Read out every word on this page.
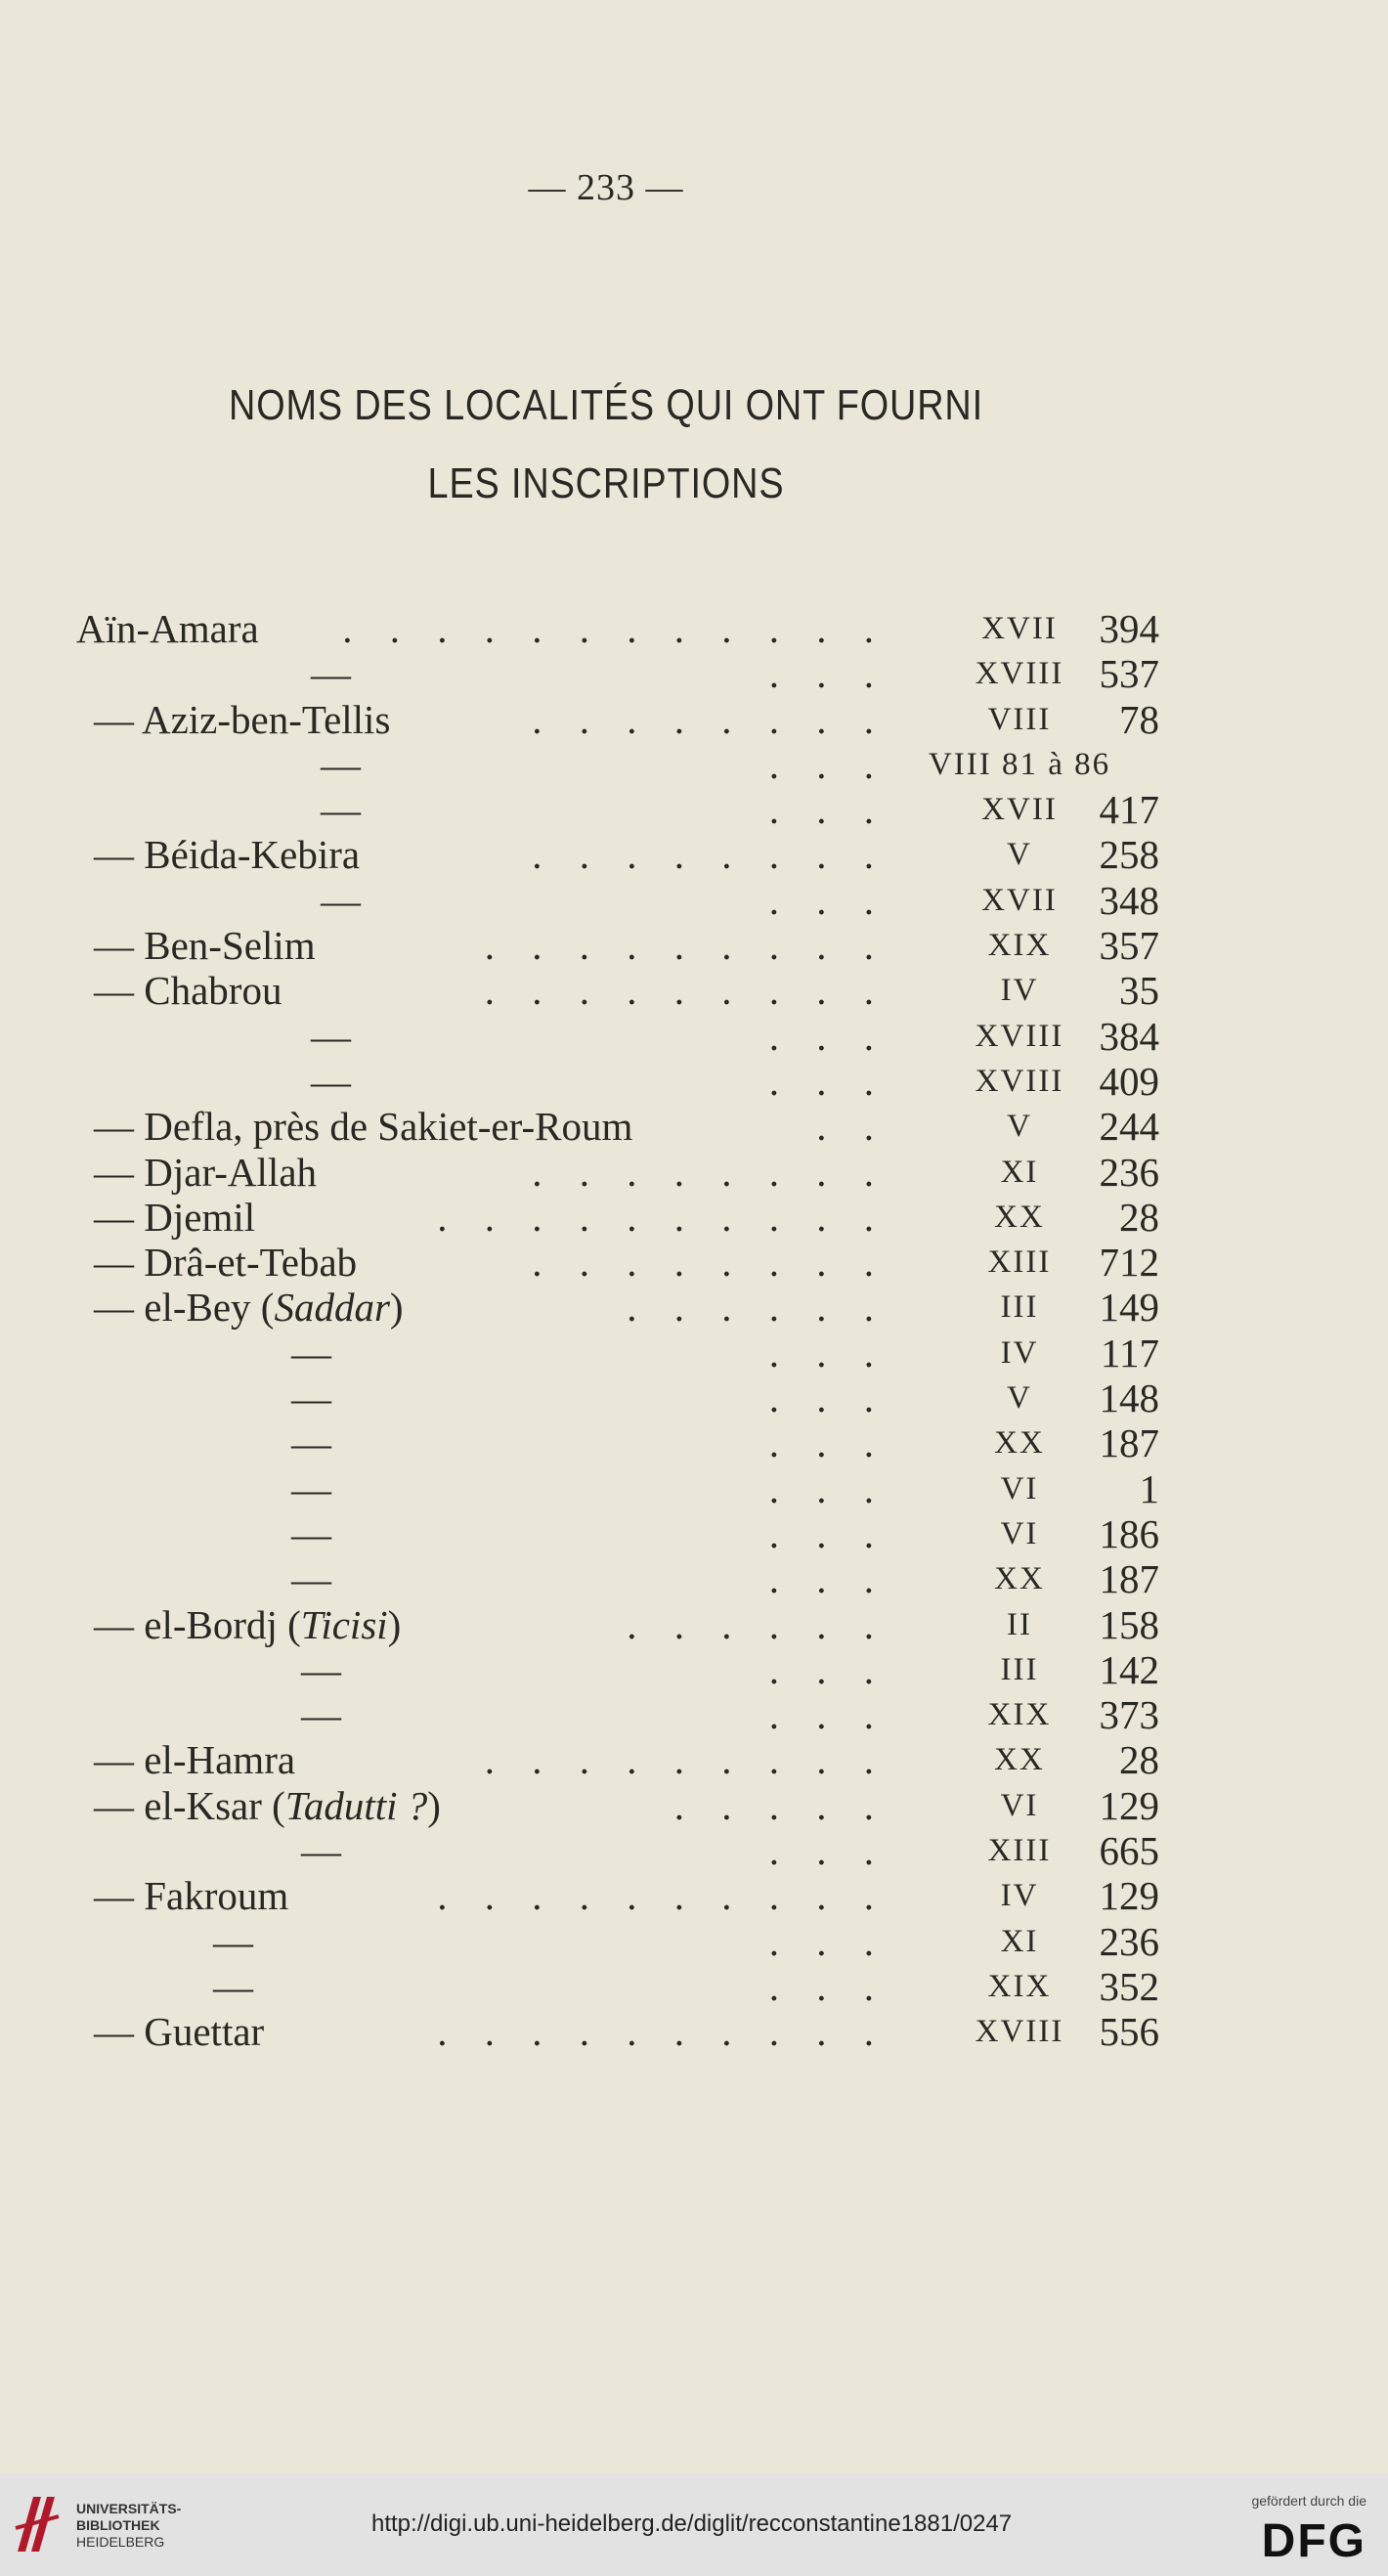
— 233 —
NOMS DES LOCALITÉS QUI ONT FOURNI
LES INSCRIPTIONS
Aïn-Amara	. . . . . . . . . . . .	XVII	394
—	. . .	XVIII 537
— Aziz-ben-Tellis	. . . . . . . .	VIII	78
—	. . . VIII 81 à 86
—	. . .	XVII	417
— Béida-Kebira	. . . . . . . .	V	258
—	. . .	XVII	348
— Ben-Selim	. . . . . . . . .	XIX	357
— Chabrou	. . . . . . . . .	IV	35
—	. . .	XVIII 384
—	. . .	XVIII 409
— Defla, près de Sakiet-er-Roum	. .	V	244
— Djar-Allah	. . . . . . . .	XI	236
— Djemil	. . . . . . . . . .	XX	28
— Drâ-et-Tebab	. . . . . . . .	XIII	712
— el-Bey (Saddar)	. . . . . .	III	149
—	. . .	IV	117
—	. . .	V	148
—	. . .	XX	187
—	. . .	VI	1
—	. . .	VI	186
—	. . .	XX	187
— el-Bordj (Ticisi)	. . . . . .	II	158
—	. . .	III	142
—	. . .	XIX	373
— el-Hamra	. . . . . . . . .	XX	28
— el-Ksar (Tadutti ?)	. . . . .	VI	129
—	. . .	XIII	665
— Fakroum	. . . . . . . . . .	IV	129
—	. . .	XI	236
—	. . .	XIX	352
— Guettar	. . . . . . . . . .	XVIII 556
UNIVERSITÄTS-
BIBLIOTHEK
HEIDELBERG
http://digi.ub.uni-heidelberg.de/diglit/recconstantine1881/0247
gefördert durch die
DFG
